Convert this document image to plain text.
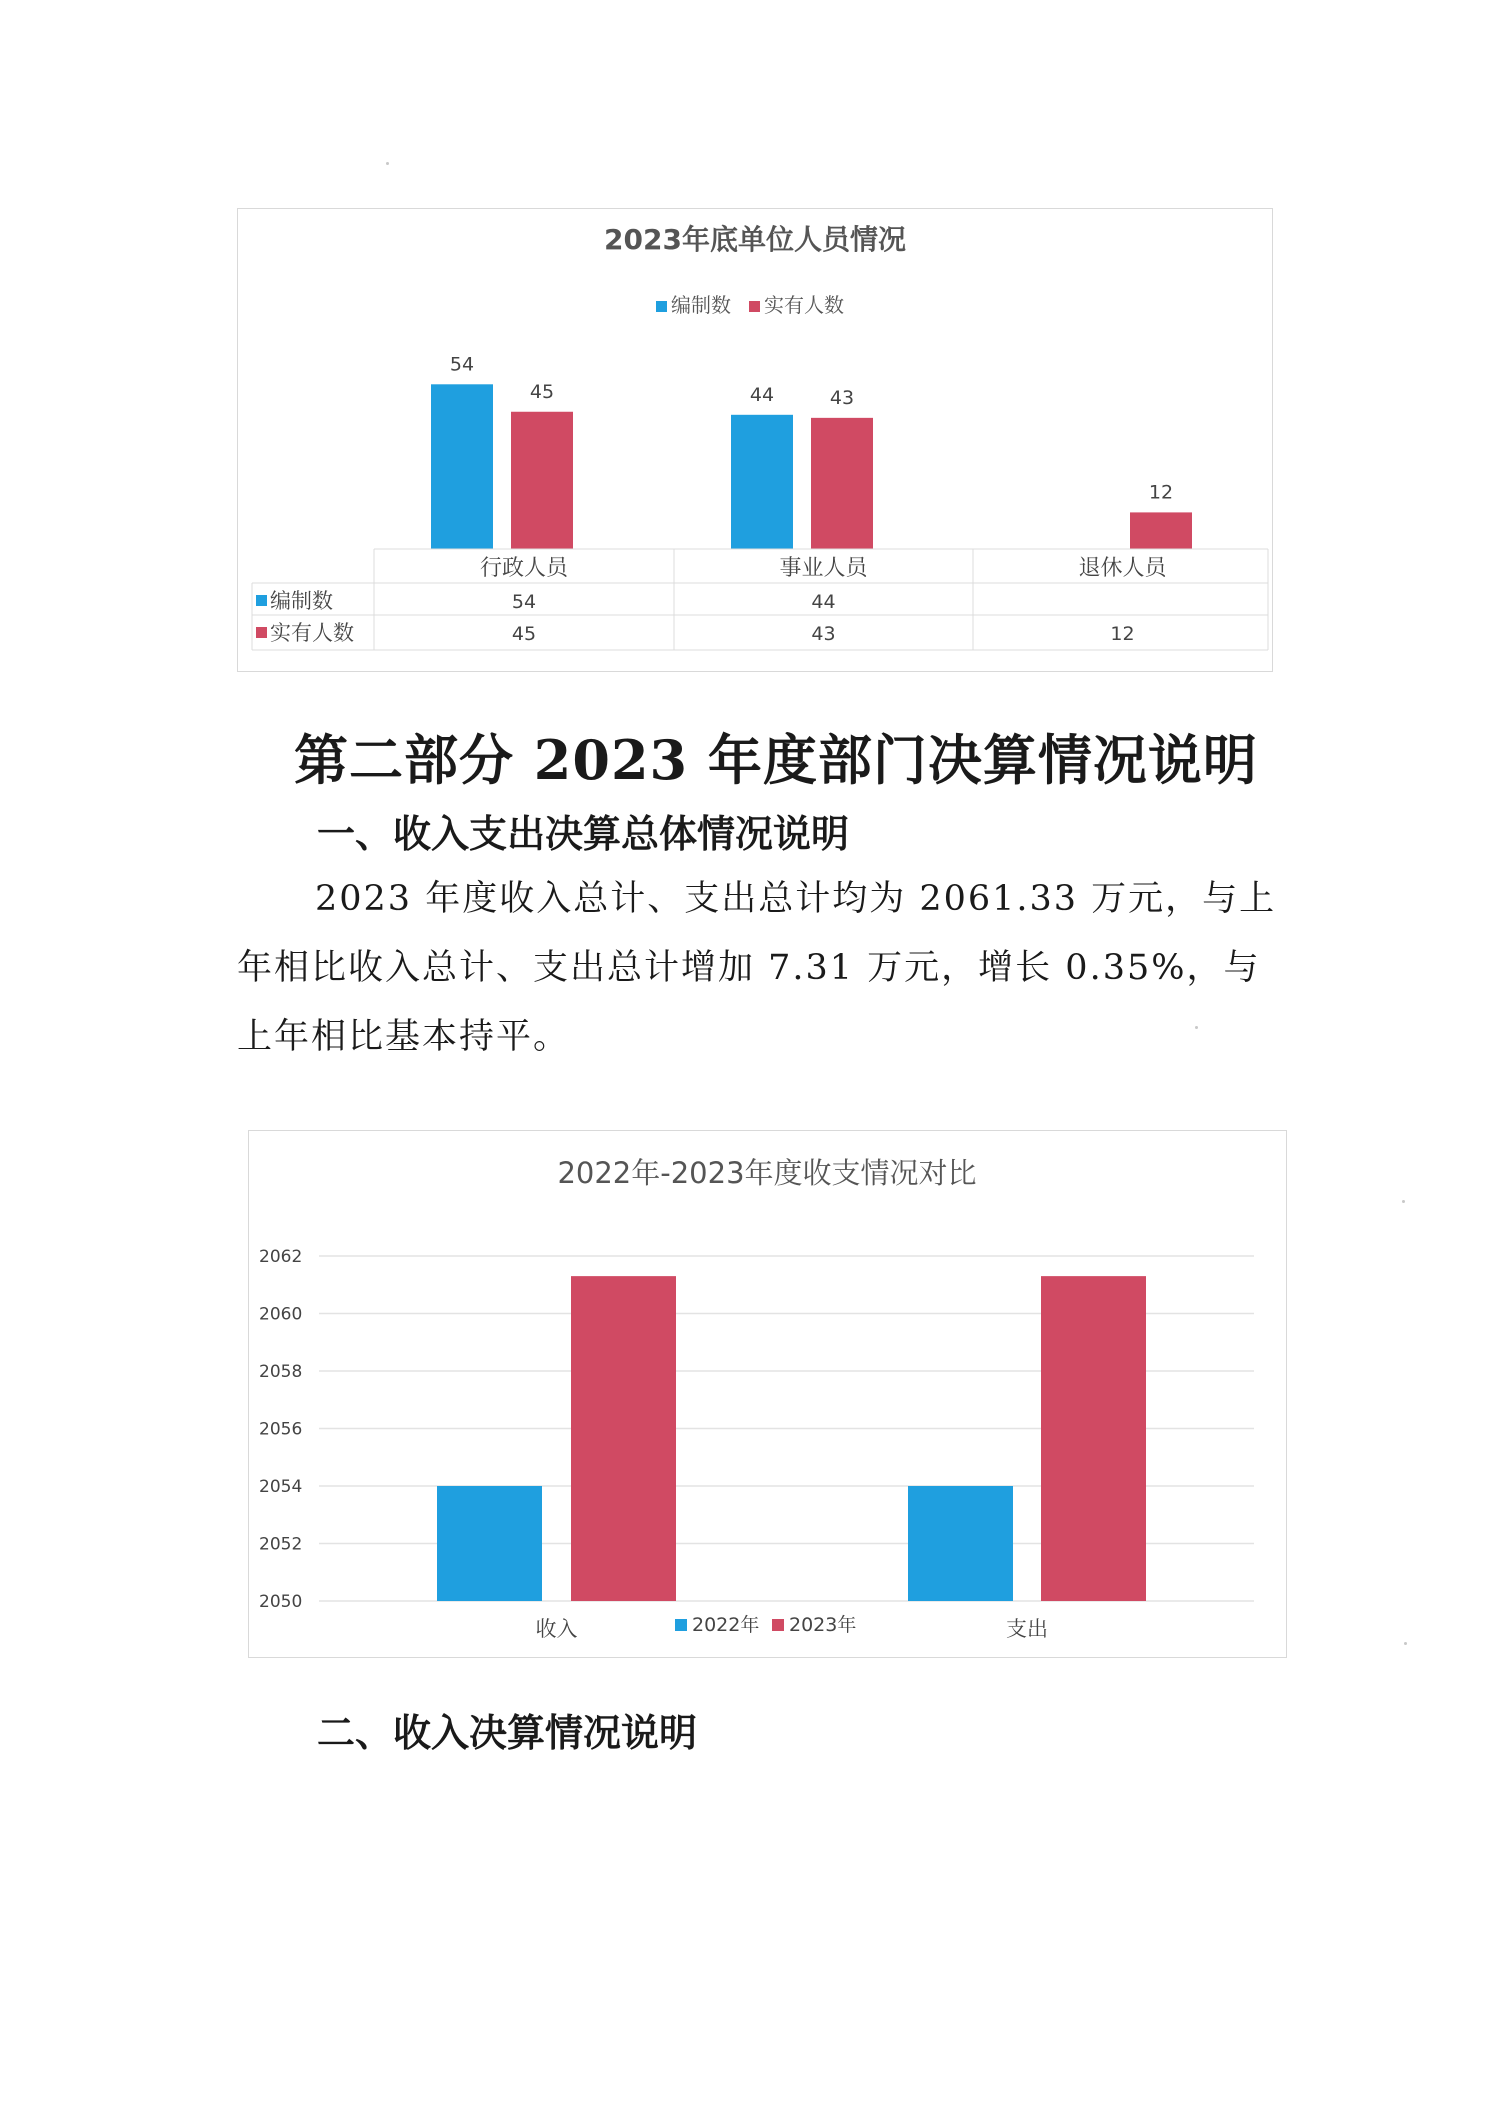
2023年底单位人员情况
编制数 实有人数
54
45	44	43
12
行政人员	事业人员	退休人员
编制数	54	44
实有人数	45	43	12
第二部分 2023 年度部门决算情况说明
一、收入支出决算总体情况说明

2023 年度收入总计、支出总计均为 2061.33 万元，与上年相比收入总计、支出总计增加 7.31 万元，增长 0.35%，与上年相比基本持平。

2022年-2023年度收支情况对比
2050
2052
2054
2056
2058
2060
2062
收入	支出
2022年 2023年
二、收入决算情况说明
